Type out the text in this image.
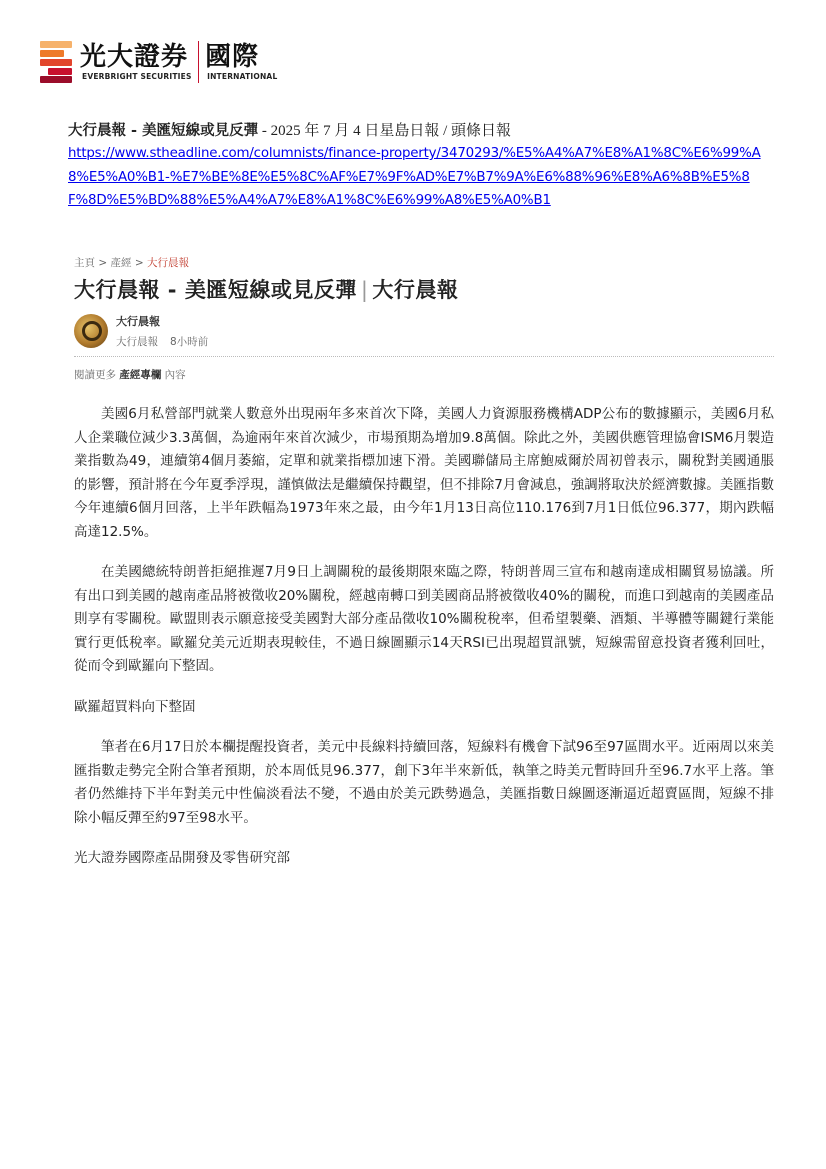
光大證券
EVERBRIGHT SECURITIES
國際
INTERNATIONAL
大行晨報 - 美匯短線或見反彈 - 2025 年 7 月 4 日星島日報 / 頭條日報
https://www.stheadline.com/columnists/finance-property/3470293/%E5%A4%A7%E8%A1%8C%E6%99%A8%E5%A0%B1-%E7%BE%8E%E5%8C%AF%E7%9F%AD%E7%B7%9A%E6%88%96%E8%A6%8B%E5%8F%8D%E5%BD%88%E5%A4%A7%E8%A1%8C%E6%99%A8%E5%A0%B1
主頁 > 產經 > 大行晨報
大行晨報 - 美匯短線或見反彈 | 大行晨報
大行晨報
大行晨報 8小時前
閱讀更多 產經專欄 內容

美國6月私營部門就業人數意外出現兩年多來首次下降，美國人力資源服務機構ADP公布的數據顯示，美國6月私人企業職位減少3.3萬個，為逾兩年來首次減少，市場預期為增加9.8萬個。除此之外，美國供應管理協會ISM6月製造業指數為49，連續第4個月萎縮，定單和就業指標加速下滑。美國聯儲局主席鮑威爾於周初曾表示，關稅對美國通脹的影響，預計將在今年夏季浮現，謹慎做法是繼續保持觀望，但不排除7月會減息，強調將取決於經濟數據。美匯指數今年連續6個月回落，上半年跌幅為1973年來之最，由今年1月13日高位110.176到7月1日低位96.377，期內跌幅高達12.5%。

在美國總統特朗普拒絕推遲7月9日上調關稅的最後期限來臨之際，特朗普周三宣布和越南達成相關貿易協議。所有出口到美國的越南產品將被徵收20%關稅，經越南轉口到美國商品將被徵收40%的關稅，而進口到越南的美國產品則享有零關稅。歐盟則表示願意接受美國對大部分產品徵收10%關稅稅率，但希望製藥、酒類、半導體等關鍵行業能實行更低稅率。歐羅兌美元近期表現較佳，不過日線圖顯示14天RSI已出現超買訊號，短線需留意投資者獲利回吐，從而令到歐羅向下整固。

歐羅超買料向下整固

筆者在6月17日於本欄提醒投資者，美元中長線料持續回落，短線料有機會下試96至97區間水平。近兩周以來美匯指數走勢完全附合筆者預期，於本周低見96.377，創下3年半來新低，執筆之時美元暫時回升至96.7水平上落。筆者仍然維持下半年對美元中性偏淡看法不變，不過由於美元跌勢過急，美匯指數日線圖逐漸逼近超賣區間，短線不排除小幅反彈至約97至98水平。

光大證券國際產品開發及零售研究部
